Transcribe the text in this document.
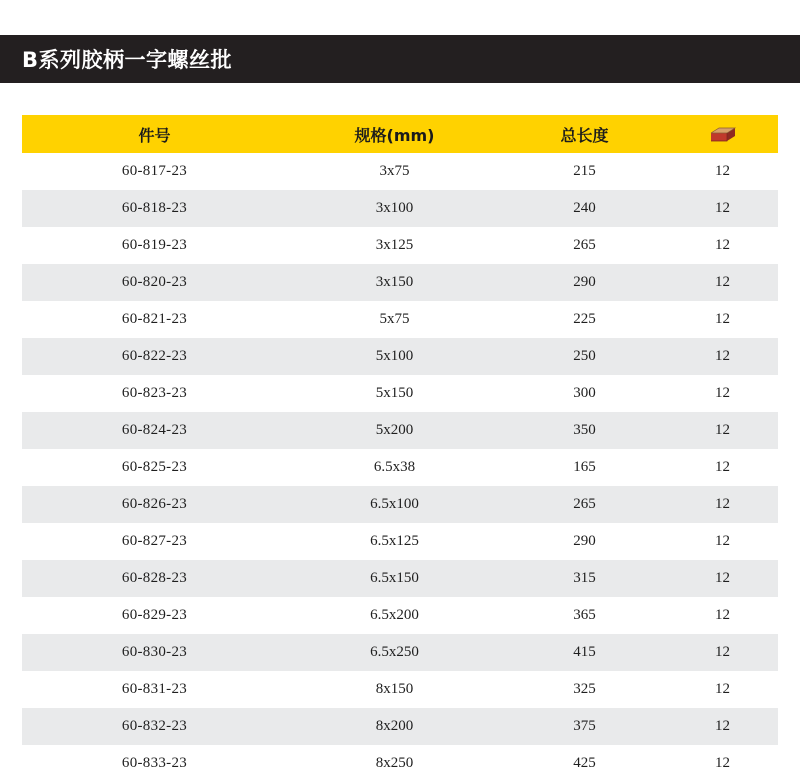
B系列胶柄一字螺丝批
件号	规格(mm)	总长度	

60-817-23	3x75	215	12
60-818-23	3x100	240	12
60-819-23	3x125	265	12
60-820-23	3x150	290	12
60-821-23	5x75	225	12
60-822-23	5x100	250	12
60-823-23	5x150	300	12
60-824-23	5x200	350	12
60-825-23	6.5x38	165	12
60-826-23	6.5x100	265	12
60-827-23	6.5x125	290	12
60-828-23	6.5x150	315	12
60-829-23	6.5x200	365	12
60-830-23	6.5x250	415	12
60-831-23	8x150	325	12
60-832-23	8x200	375	12
60-833-23	8x250	425	12
